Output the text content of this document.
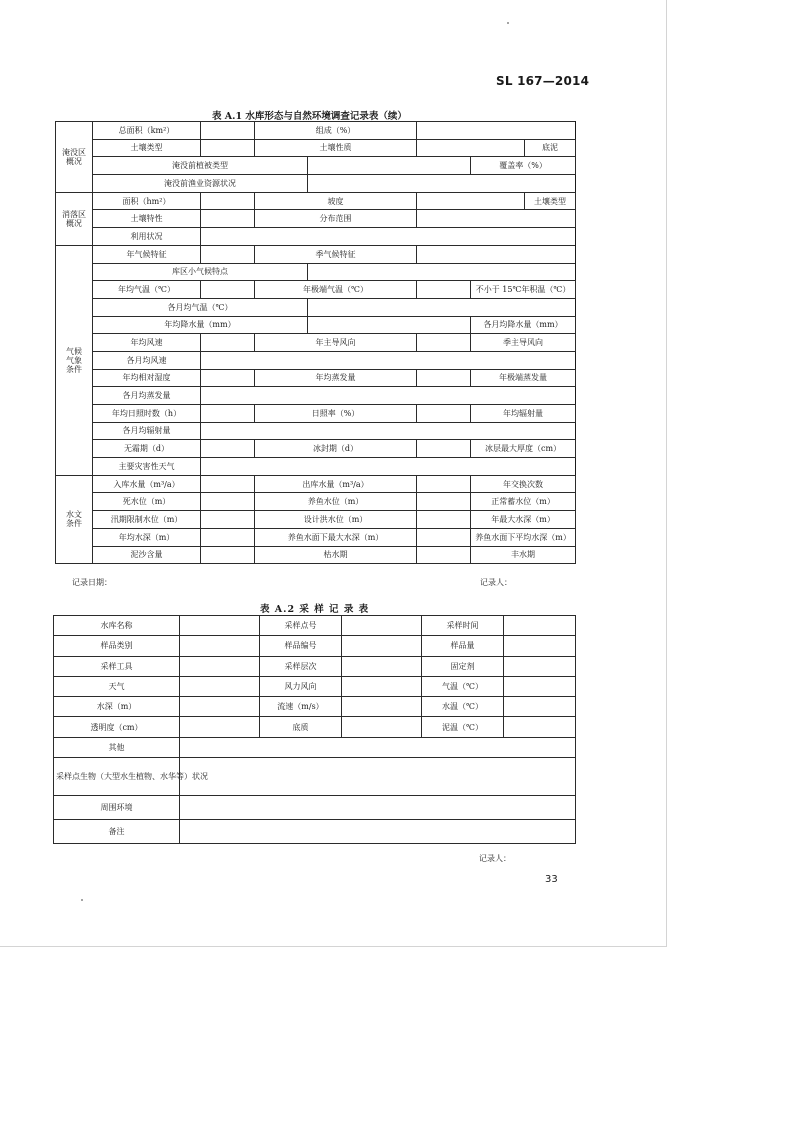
SL 167—2014
表 A.1 水库形态与自然环境调查记录表（续）
淹没区
概况	总面积（km²）		组成（%）					
	土壤类型		土壤性质				底泥	
	淹没前植被类型					覆盖率（%）		
	淹没前渔业资源状况							
消落区
概况	面积（hm²）		坡度				土壤类型	
	土壤特性		分布范围					
	利用状况							
气候
气象
条件	年气候特征		季气候特征					
	库区小气候特点							
	年均气温（℃）		年极端气温（℃）			不小于 15℃年积温（℃）		
	各月均气温（℃）							
	年均降水量（mm）					各月均降水量（mm）		
	年均风速		年主导风向			季主导风向		
	各月均风速							
	年均相对湿度		年均蒸发量			年极端蒸发量		
	各月均蒸发量							
	年均日照时数（h）		日照率（%）			年均辐射量		
	各月均辐射量							
	无霜期（d）		冰封期（d）			冰层最大厚度（cm）		
	主要灾害性天气							
水文
条件	入库水量（m³/a）		出库水量（m³/a）			年交换次数		
	死水位（m）		养鱼水位（m）			正常蓄水位（m）		
	汛期限制水位（m）		设计洪水位（m）			年最大水深（m）		
	年均水深（m）		养鱼水面下最大水深（m）			养鱼水面下平均水深（m）		
	泥沙含量		枯水期			丰水期		
记录日期：	记录人：
表 A.2 采 样 记 录 表
水库名称		采样点号		采样时间	
样品类别		样品编号		样品量	
采样工具		采样层次		固定剂	
天气		风力风向		气温（℃）	
水深（m）		流速（m/s）		水温（℃）	
透明度（cm）		底质		泥温（℃）	
其他					
采样点生物（大型水生植物、水华等）状况					
周围环境					
备注					
记录人：
33
